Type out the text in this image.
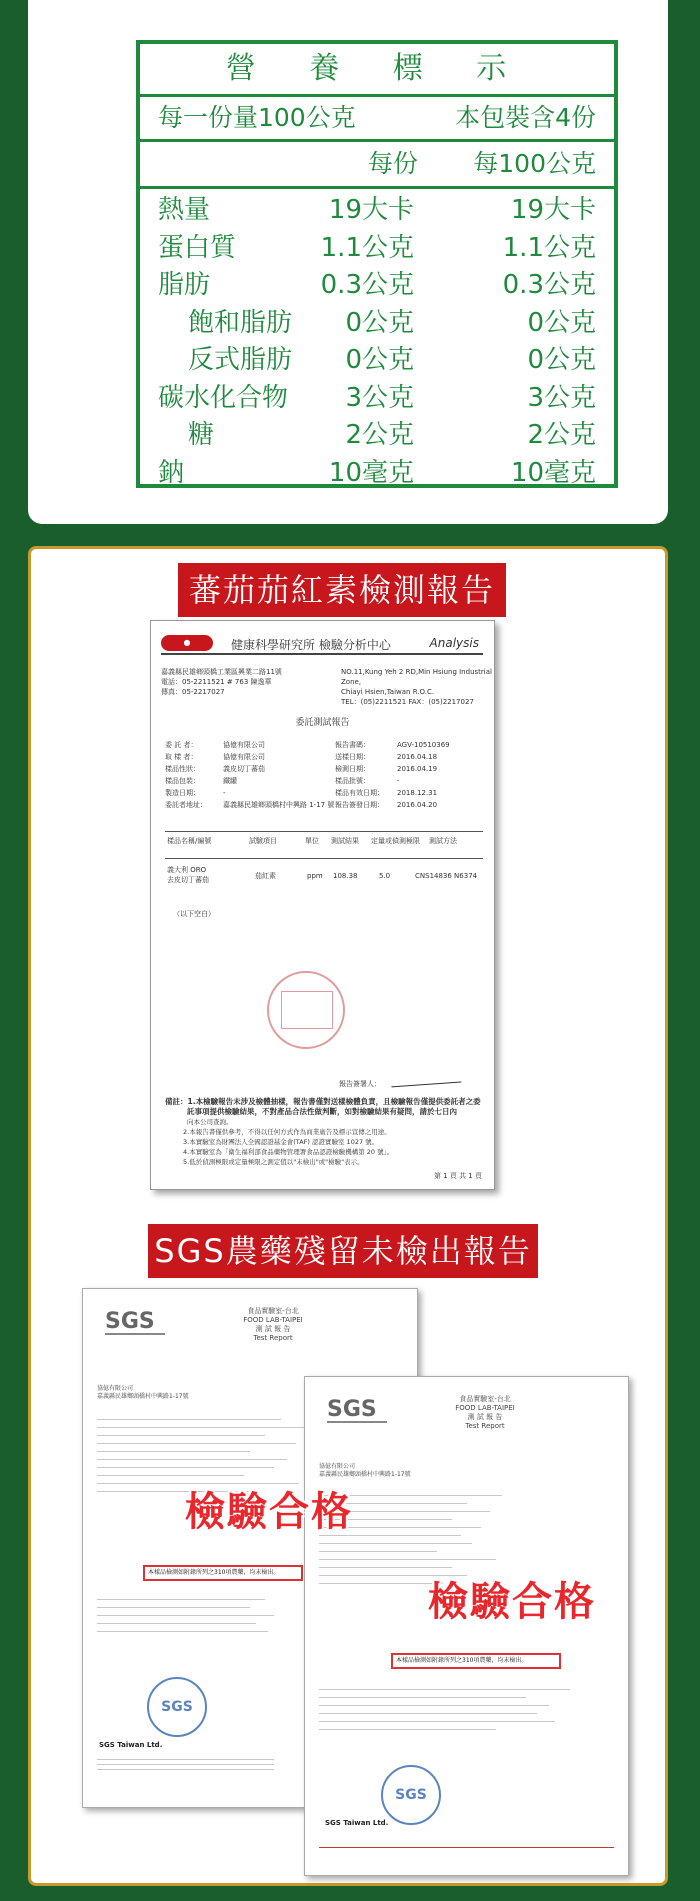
營 養 標 示
每一份量100公克	本包裝含4份
每份 每100公克
熱量	19大卡	19大卡
蛋白質	1.1公克	1.1公克
脂肪	0.3公克	0.3公克
飽和脂肪 0公克	0公克
反式脂肪 0公克	0公克
碳水化合物 3公克	3公克
糖	2公克	2公克
鈉	10毫克	10毫克
蕃茄茄紅素檢測報告
●	健康科學研究所 檢驗分析中心	Analysis
嘉義縣民雄鄉頭橋工業區興業二路11號
電話：05-2211521 # 763 陳逸華
傳真：05-2217027
NO.11,Kung Yeh 2 RD,Min Hsiung Industrial Zone,
Chiayi Hsien,Taiwan R.O.C.
TEL：(05)2211521 FAX：(05)2217027
委託測試報告
委 託 者：	協億有限公司	報告書碼：	AGV-10510369
取 樣 者：	協億有限公司	送樣日期：	2016.04.18
樣品性狀：	義皮切丁蕃茄	檢測日期：	2016.04.19
樣品包裝：	鐵罐	樣品批號：	-
製造日期：	-	樣品有效日期： 2018.12.31
委託者地址： 嘉義縣民雄鄉頭橋村中興路 1-17 號 報告簽發日期： 2016.04.20
樣品名稱/編號	試驗項目	單位 測試結果 定量或偵測極限 測試方法
義大利 ORO
去皮切丁蕃茄	茄紅素	ppm 108.38	5.0	CNS14836 N6374
（以下空白）
報告簽署人：
備註：1.本檢驗報告未涉及檢體抽樣，報告書僅對送樣檢體負責，且檢驗報告僅提供委託者之委
託事項提供檢驗結果，不對產品合法性做判斷，如對檢驗結果有疑問，請於七日內
向本公司查詢。
2.本報告書僅供參考，不得以任何方式作為商業廣告及標示宣傳之用途。
3.本實驗室為財團法人全國認證基金會(TAF) 認證實驗室 1027 號。
4.本實驗室為「衛生福利部食品藥物管理署食品認證檢驗機構第 20 號」。
5.低於偵測極限或定量極限之測定值以"未檢出"或"檢驗"表示。
第 1 頁 共 1 頁
SGS農藥殘留未檢出報告
SGS	食品實驗室-台北
FOOD LAB-TAIPEI
測 試 報 告
Test Report
協億有限公司
嘉義縣民雄鄉頭橋村中興路1-17號
本樣品檢測如附錄所列之310項農藥，均未檢出。
SGS
SGS Taiwan Ltd.
SGS	食品實驗室-台北
FOOD LAB-TAIPEI
測 試 報 告
Test Report
協億有限公司
嘉義縣民雄鄉頭橋村中興路1-17號
本樣品檢測如附錄所列之310項農藥，均未檢出。
SGS
SGS Taiwan Ltd.
檢驗合格
檢驗合格
